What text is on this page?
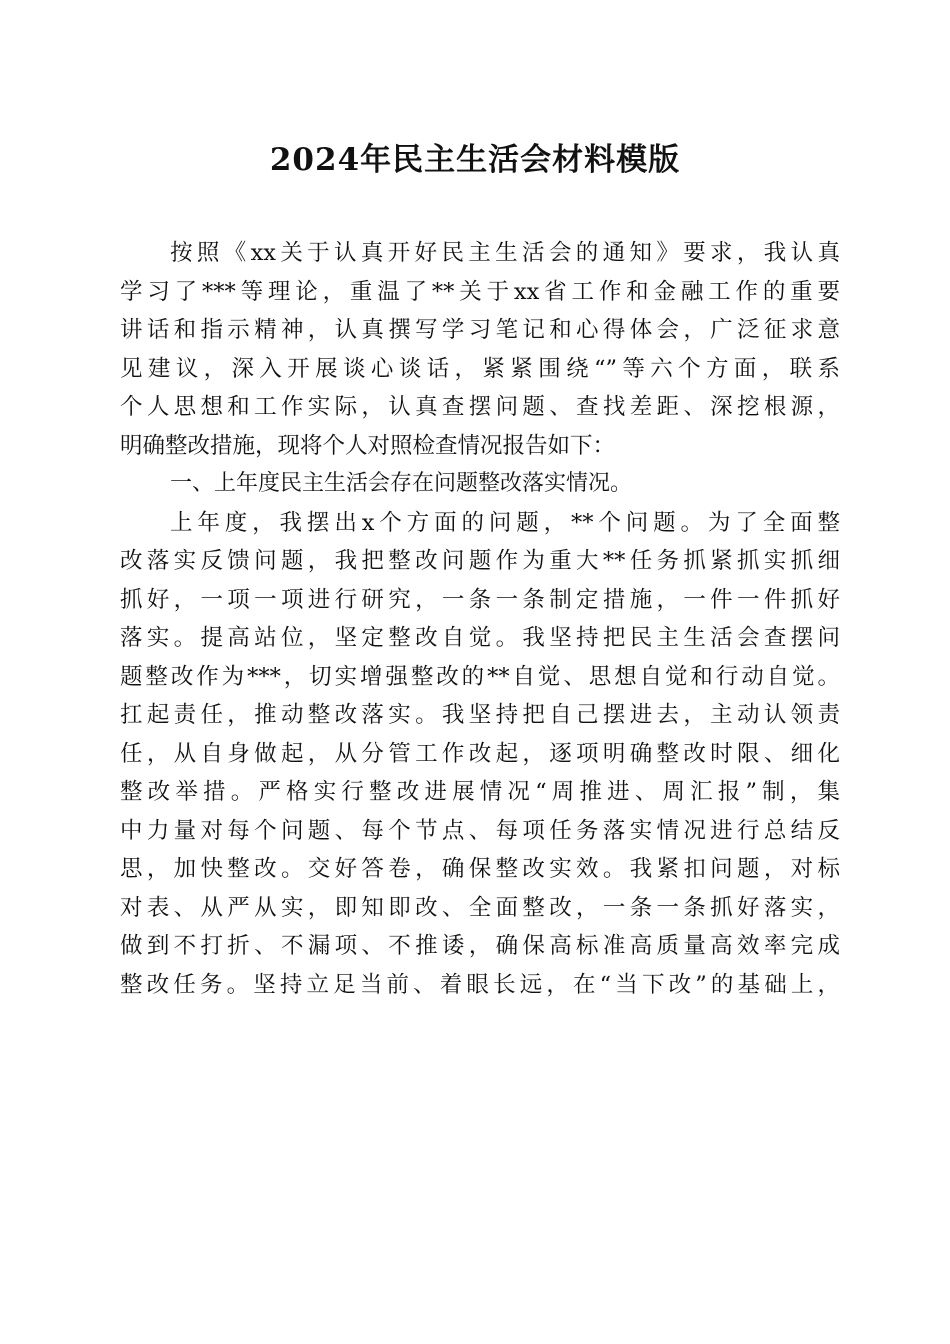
2024年民主生活会材料模版
按照《xx关于认真开好民主生活会的通知》要求，我认真
学习了***等理论，重温了**关于xx省工作和金融工作的重要
讲话和指示精神，认真撰写学习笔记和心得体会，广泛征求意
见建议，深入开展谈心谈话，紧紧围绕“”等六个方面，联系
个人思想和工作实际，认真查摆问题、查找差距、深挖根源，
明确整改措施，现将个人对照检查情况报告如下：
一、上年度民主生活会存在问题整改落实情况。
上年度，我摆出x个方面的问题，**个问题。为了全面整
改落实反馈问题，我把整改问题作为重大**任务抓紧抓实抓细
抓好，一项一项进行研究，一条一条制定措施，一件一件抓好
落实。提高站位，坚定整改自觉。我坚持把民主生活会查摆问
题整改作为***，切实增强整改的**自觉、思想自觉和行动自觉。
扛起责任，推动整改落实。我坚持把自己摆进去，主动认领责
任，从自身做起，从分管工作改起，逐项明确整改时限、细化
整改举措。严格实行整改进展情况“周推进、周汇报”制，集
中力量对每个问题、每个节点、每项任务落实情况进行总结反
思，加快整改。交好答卷，确保整改实效。我紧扣问题，对标
对表、从严从实，即知即改、全面整改，一条一条抓好落实，
做到不打折、不漏项、不推诿，确保高标准高质量高效率完成
整改任务。坚持立足当前、着眼长远，在“当下改”的基础上，
